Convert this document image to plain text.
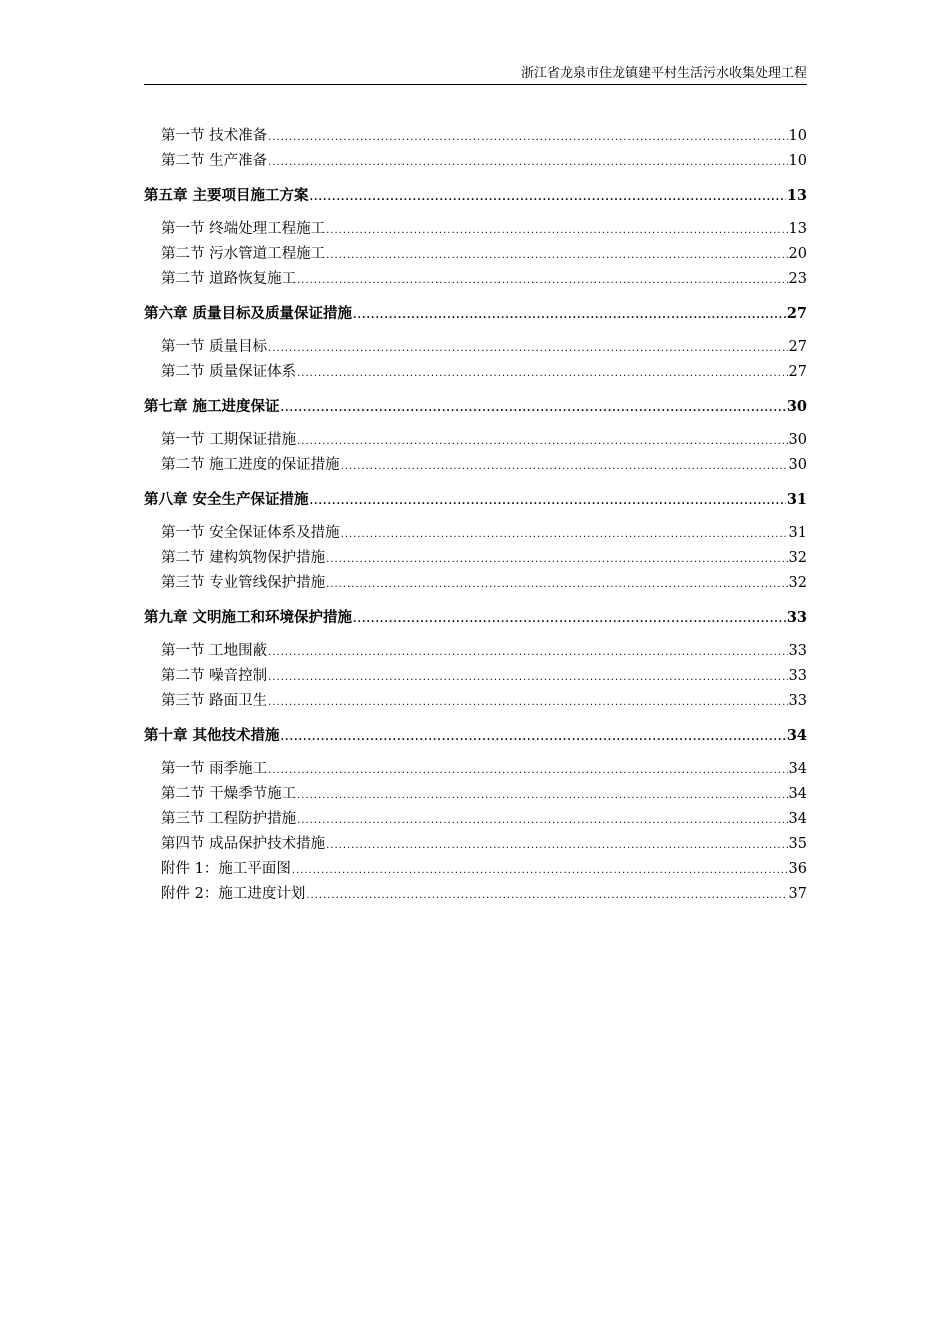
浙江省龙泉市住龙镇建平村生活污水收集处理工程
第一节 技术准备 .....	10
第二节 生产准备 .....	10
第五章 主要项目施工方案 .....	13
第一节 终端处理工程施工 .....	13
第二节 污水管道工程施工 .....	20
第二节 道路恢复施工 .....	23
第六章 质量目标及质量保证措施 .....	27
第一节 质量目标 .....	27
第二节 质量保证体系 .....	27
第七章 施工进度保证 .....	30
第一节 工期保证措施 .....	30
第二节 施工进度的保证措施 .....	30
第八章 安全生产保证措施 .....	31
第一节 安全保证体系及措施 .....	31
第二节 建构筑物保护措施 .....	32
第三节 专业管线保护措施 .....	32
第九章 文明施工和环境保护措施 .....	33
第一节 工地围蔽 .....	33
第二节 噪音控制 .....	33
第三节 路面卫生 .....	33
第十章 其他技术措施 .....	34
第一节 雨季施工 .....	34
第二节 干燥季节施工 .....	34
第三节 工程防护措施 .....	34
第四节 成品保护技术措施 .....	35
附件 1：施工平面图 .....	36
附件 2：施工进度计划 .....	37
